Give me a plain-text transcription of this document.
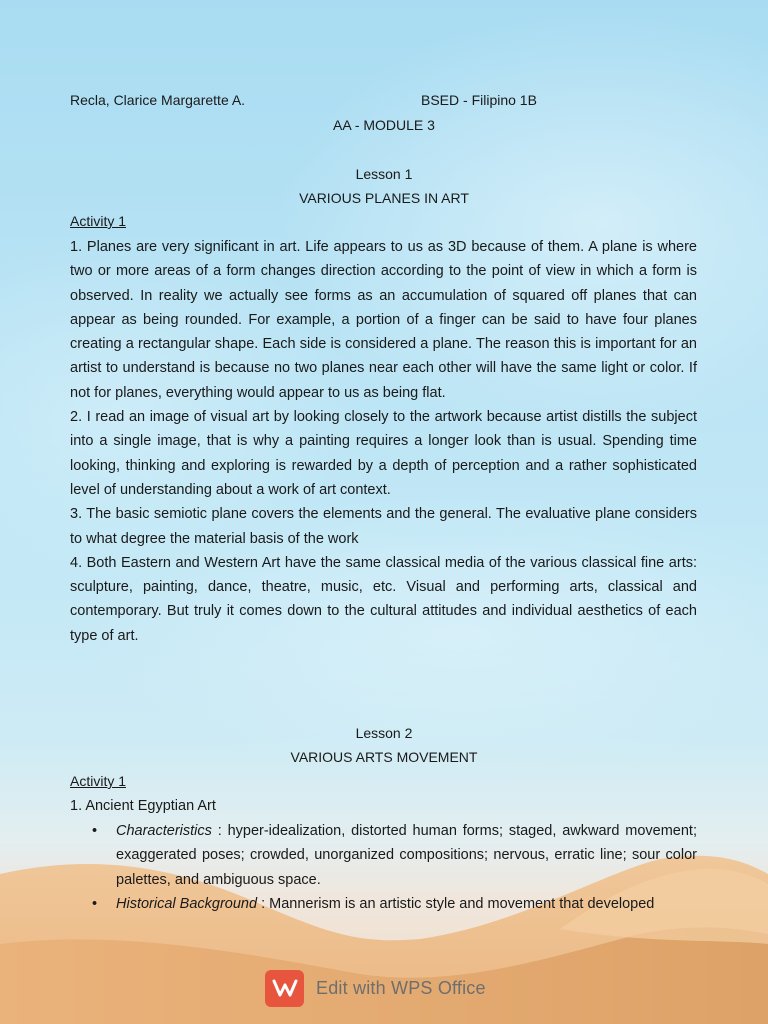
Recla, Clarice Margarette A.	BSED - Filipino 1B
AA - MODULE 3
Lesson 1
VARIOUS PLANES IN ART
Activity 1

1. Planes are very significant in art. Life appears to us as 3D because of them. A plane is where two or more areas of a form changes direction according to the point of view in which a form is observed. In reality we actually see forms as an accumulation of squared off planes that can appear as being rounded. For example, a portion of a finger can be said to have four planes creating a rectangular shape. Each side is considered a plane. The reason this is important for an artist to understand is because no two planes near each other will have the same light or color. If not for planes, everything would appear to us as being flat.

2. I read an image of visual art by looking closely to the artwork because artist distills the subject into a single image, that is why a painting requires a longer look than is usual. Spending time looking, thinking and exploring is rewarded by a depth of perception and a rather sophisticated level of understanding about a work of art context.

3. The basic semiotic plane covers the elements and the general. The evaluative plane considers to what degree the material basis of the work

4. Both Eastern and Western Art have the same classical media of the various classical fine arts: sculpture, painting, dance, theatre, music, etc. Visual and performing arts, classical and contemporary. But truly it comes down to the cultural attitudes and individual aesthetics of each type of art.

Lesson 2
VARIOUS ARTS MOVEMENT
Activity 1
1. Ancient Egyptian Art
• Characteristics : hyper-idealization, distorted human forms; staged, awkward movement; exaggerated poses; crowded, unorganized compositions; nervous, erratic line; sour color palettes, and ambiguous space.
• Historical Background : Mannerism is an artistic style and movement that developed
Edit with WPS Office
